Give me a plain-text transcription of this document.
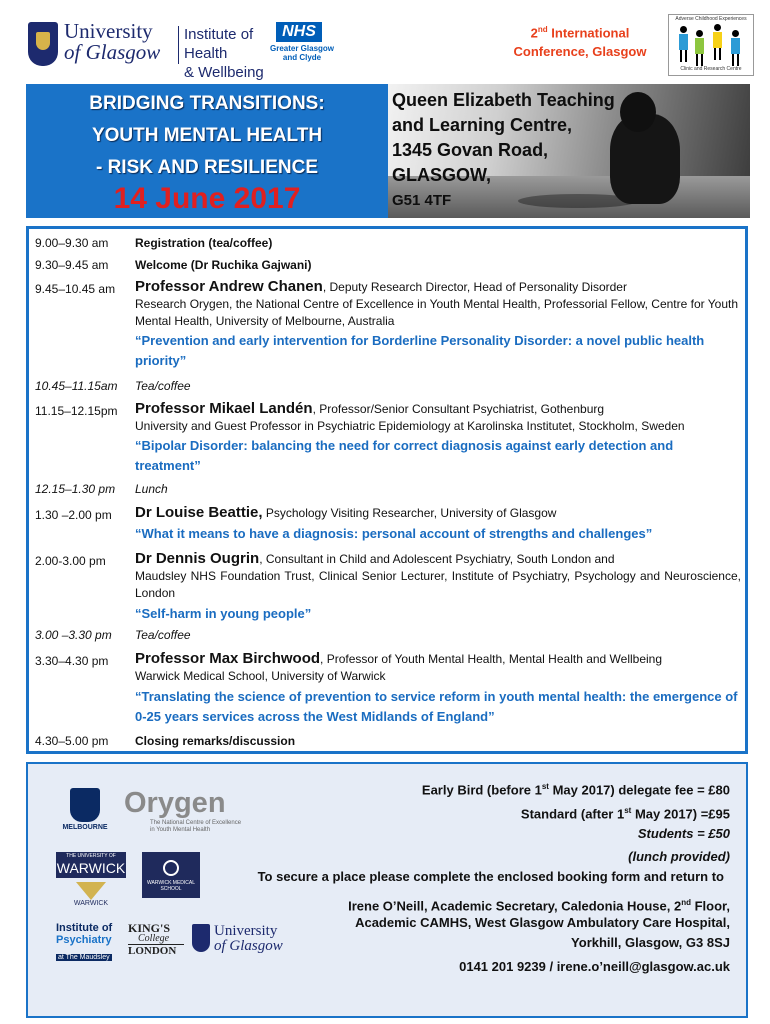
University
of Glasgow
Institute of Health
& Wellbeing
NHS
Greater Glasgow
and Clyde
2nd International
Conference, Glasgow
Adverse Childhood Experiences
Clinic and Research Centre
BRIDGING TRANSITIONS:
YOUTH MENTAL HEALTH
- RISK AND RESILIENCE
14 June 2017
Queen Elizabeth Teaching
and Learning Centre,
1345 Govan Road,
GLASGOW,
G51 4TF
9.00–9.30 am Registration (tea/coffee)
9.30–9.45 am Welcome (Dr Ruchika Gajwani)
9.45–10.45 am Professor Andrew Chanen, Deputy Research Director, Head of Personality Disorder
Research Orygen, the National Centre of Excellence in Youth Mental Health, Professorial Fellow, Centre for Youth Mental Health, University of Melbourne, Australia
“Prevention and early intervention for Borderline Personality Disorder: a novel public health priority”
10.45–11.15am Tea/coffee
11.15–12.15pm Professor Mikael Landén, Professor/Senior Consultant Psychiatrist, Gothenburg
University and Guest Professor in Psychiatric Epidemiology at Karolinska Institutet, Stockholm, Sweden
“Bipolar Disorder: balancing the need for correct diagnosis against early detection and treatment”
12.15–1.30 pm Lunch
1.30 –2.00 pm Dr Louise Beattie, Psychology Visiting Researcher, University of Glasgow
“What it means to have a diagnosis: personal account of strengths and challenges”
2.00-3.00 pm Dr Dennis Ougrin, Consultant in Child and Adolescent Psychiatry, South London and
Maudsley NHS Foundation Trust, Clinical Senior Lecturer, Institute of Psychiatry, Psychology and Neuroscience, London
“Self-harm in young people”
3.00 –3.30 pm Tea/coffee
3.30–4.30 pm Professor Max Birchwood, Professor of Youth Mental Health, Mental Health and Wellbeing
Warwick Medical School, University of Warwick
“Translating the science of prevention to service reform in youth mental health: the emergence of 0-25 years services across the West Midlands of England”
4.30–5.00 pm Closing remarks/discussion
MELBOURNE
Orygen
The National Centre of Excellence
in Youth Mental Health
THE UNIVERSITY OF
WARWICK
WARWICK
WARWICK MEDICAL SCHOOL
Institute of
Psychiatry
at The Maudsley
KING'S
College
LONDON
University
of Glasgow
Early Bird (before 1st May 2017) delegate fee = £80
Standard (after 1st May 2017) =£95
Students = £50
(lunch provided)
To secure a place please complete the enclosed booking form and return to
Irene O’Neill, Academic Secretary, Caledonia House, 2nd Floor,
Academic CAMHS, West Glasgow Ambulatory Care Hospital,
Yorkhill, Glasgow, G3 8SJ
0141 201 9239 / irene.o’neill@glasgow.ac.uk
